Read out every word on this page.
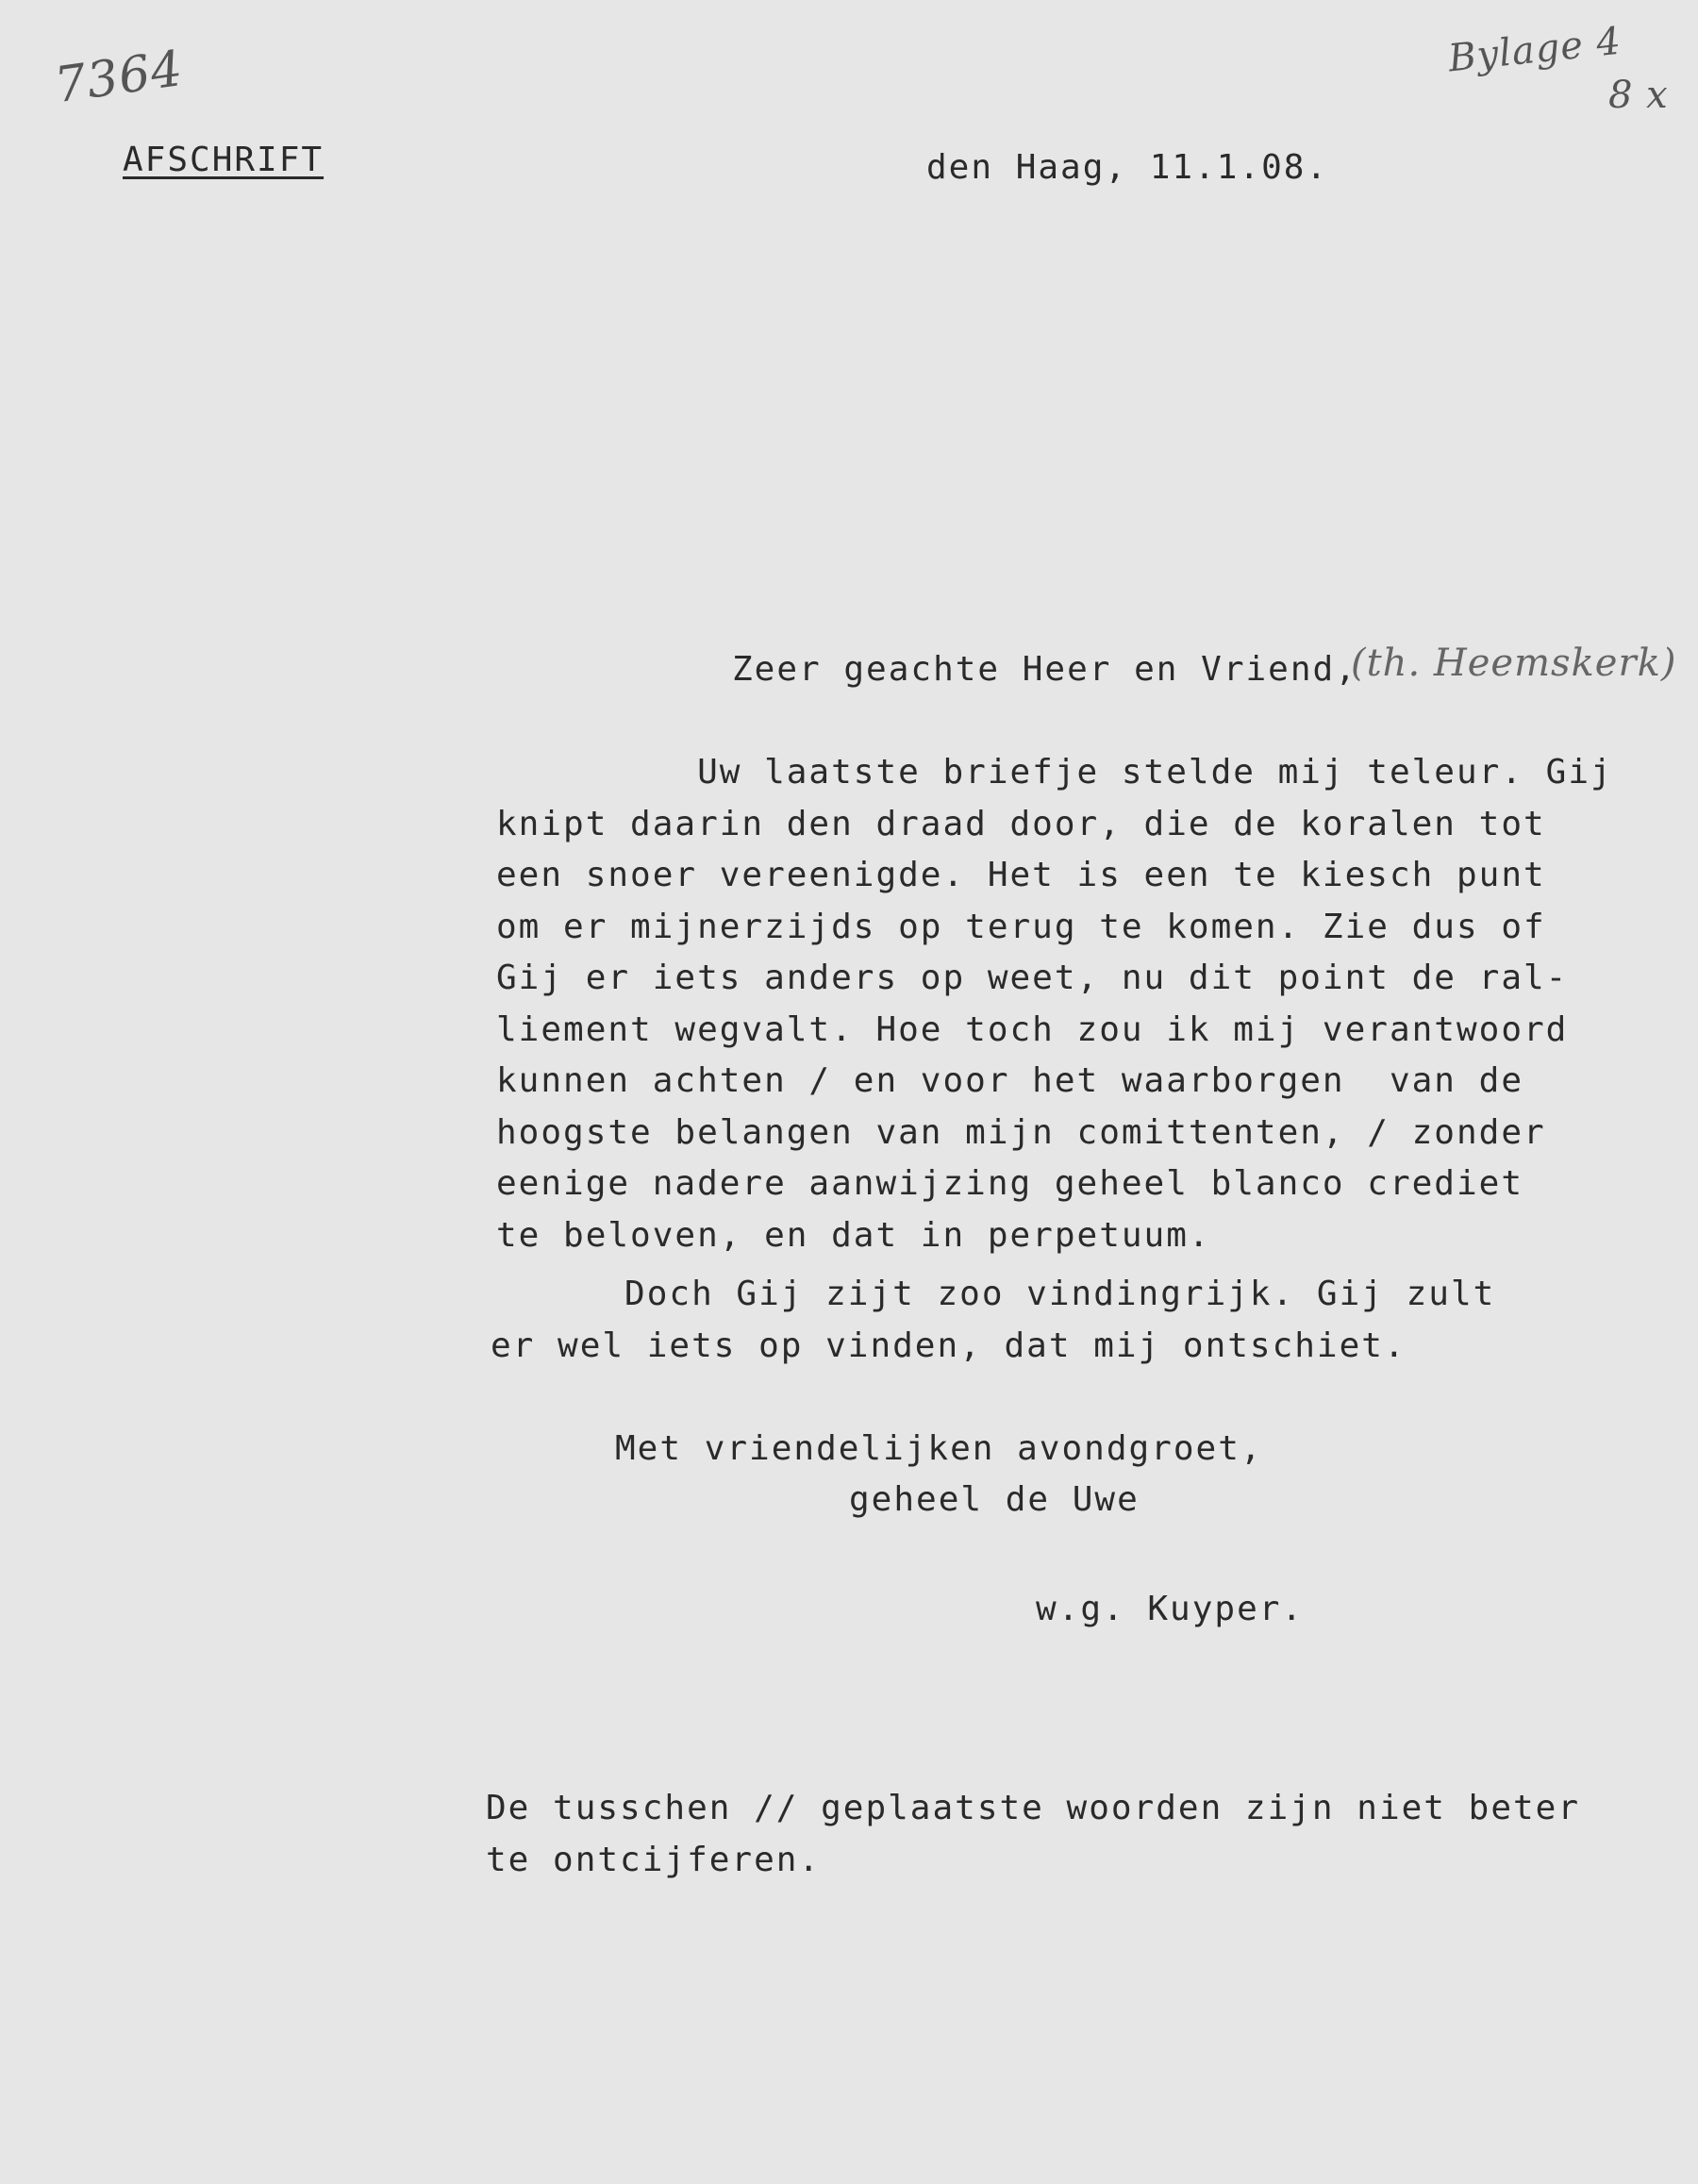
7364	Bylage 4
8 x
AFSCHRIFT	den Haag, 11.1.08.
Zeer geachte Heer en Vriend,
(th. Heemskerk)
Uw laatste briefje stelde mij teleur. Gij
knipt daarin den draad door, die de koralen tot
een snoer vereenigde. Het is een te kiesch punt
om er mijnerzijds op terug te komen. Zie dus of
Gij er iets anders op weet, nu dit point de ral-
liement wegvalt. Hoe toch zou ik mij verantwoord
kunnen achten / en voor het waarborgen  van de
hoogste belangen van mijn comittenten, / zonder
eenige nadere aanwijzing geheel blanco crediet
te beloven, en dat in perpetuum.
Doch Gij zijt zoo vindingrijk. Gij zult
er wel iets op vinden, dat mij ontschiet.
Met vriendelijken avondgroet,
geheel de Uwe
w.g. Kuyper.
De tusschen // geplaatste woorden zijn niet beter
te ontcijferen.
